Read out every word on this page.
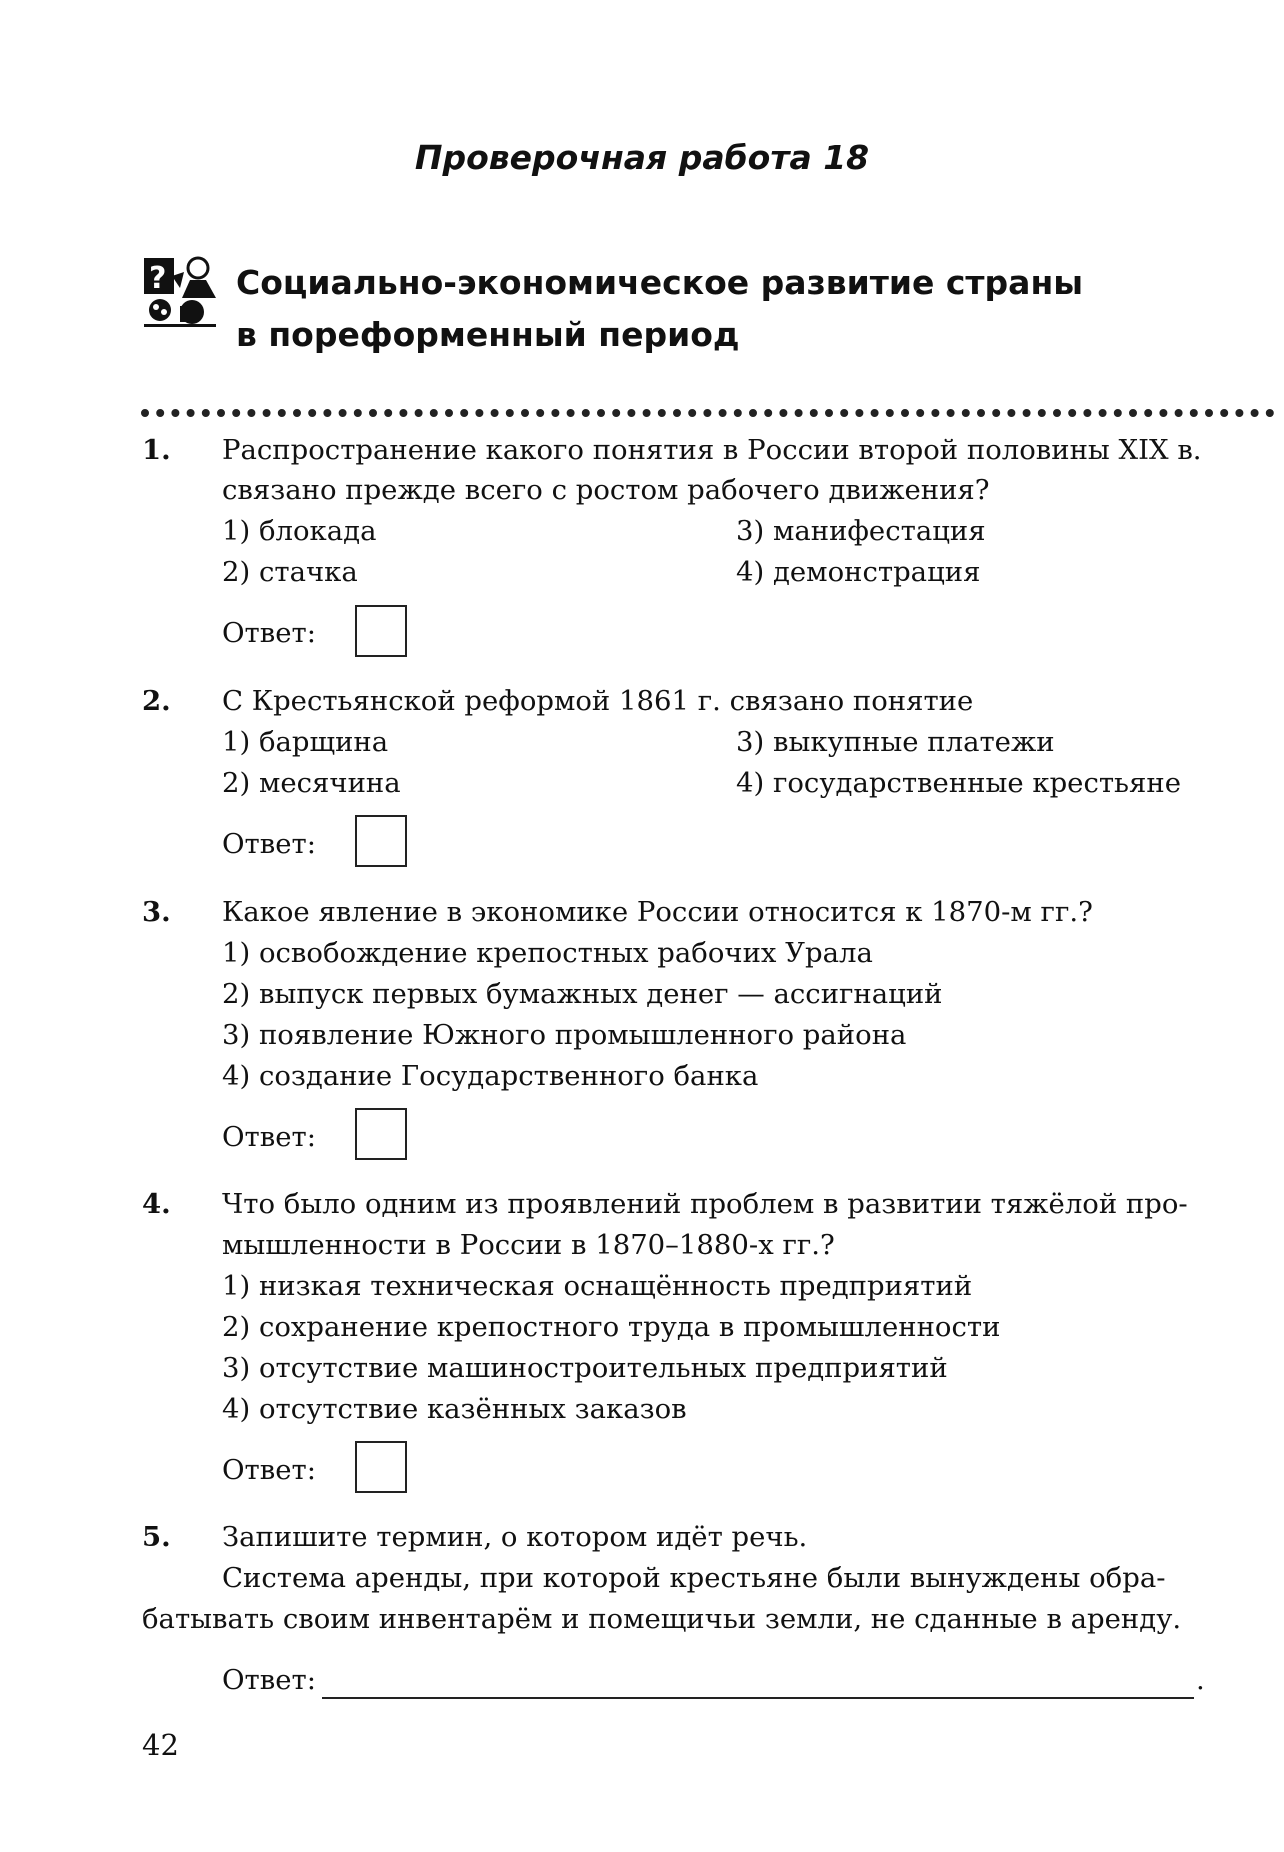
Проверочная работа 18
? Социально-экономическое развитие страны
в пореформенный период
1. Распространение какого понятия в России второй половины XIX в.
связано прежде всего с ростом рабочего движения?
1) блокада
2) стачка
3) манифестация
4) демонстрация
Ответ:
2. С Крестьянской реформой 1861 г. связано понятие
1) барщина
2) месячина
3) выкупные платежи
4) государственные крестьяне
Ответ:
3. Какое явление в экономике России относится к 1870-м гг.?
1) освобождение крепостных рабочих Урала
2) выпуск первых бумажных денег — ассигнаций
3) появление Южного промышленного района
4) создание Государственного банка
Ответ:
4. Что было одним из проявлений проблем в развитии тяжёлой про-
мышленности в России в 1870–1880-х гг.?
1) низкая техническая оснащённость предприятий
2) сохранение крепостного труда в промышленности
3) отсутствие машиностроительных предприятий
4) отсутствие казённых заказов
Ответ:
5. Запишите термин, о котором идёт речь.
Система аренды, при которой крестьяне были вынуждены обра-
батывать своим инвентарём и помещичьи земли, не сданные в аренду.
Ответ:	.
42
